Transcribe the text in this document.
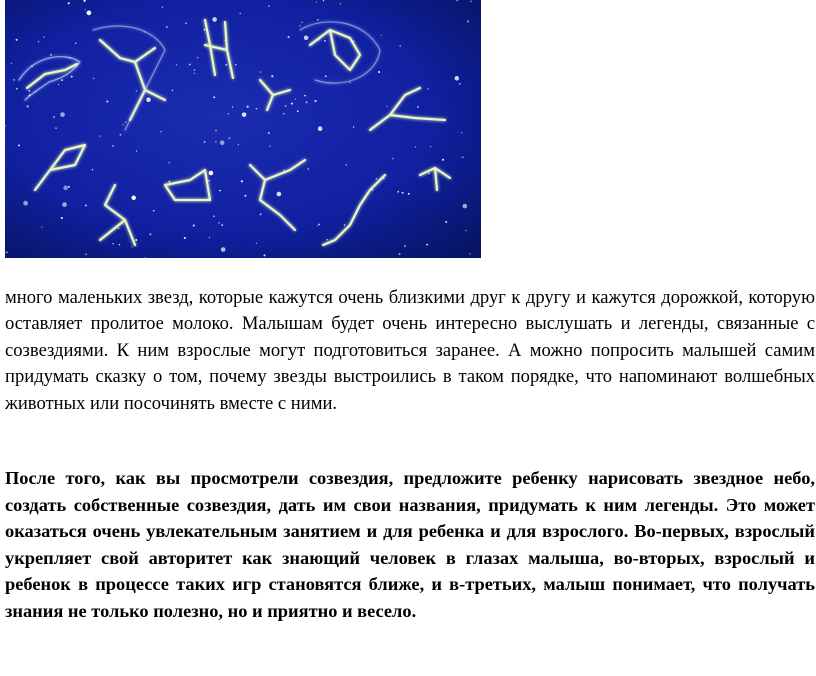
много маленьких звезд, которые кажутся очень близкими друг к другу и кажутся дорожкой, которую оставляет пролитое молоко. Малышам будет очень интересно выслушать и легенды, связанные с созвездиями. К ним взрослые могут подготовиться заранее. А можно попросить малышей самим придумать сказку о том, почему звезды выстроились в таком порядке, что напоминают волшебных животных или посочинять вместе с ними.

После того, как вы просмотрели созвездия, предложите ребенку нарисовать звездное небо, создать собственные созвездия, дать им свои названия, придумать к ним легенды. Это может оказаться очень увлекательным занятием и для ребенка и для взрослого. Во-первых, взрослый укрепляет свой авторитет как знающий человек в глазах малыша, во-вторых, взрослый и ребенок в процессе таких игр становятся ближе, и в-третьих, малыш понимает, что получать знания не только полезно, но и приятно и весело.
